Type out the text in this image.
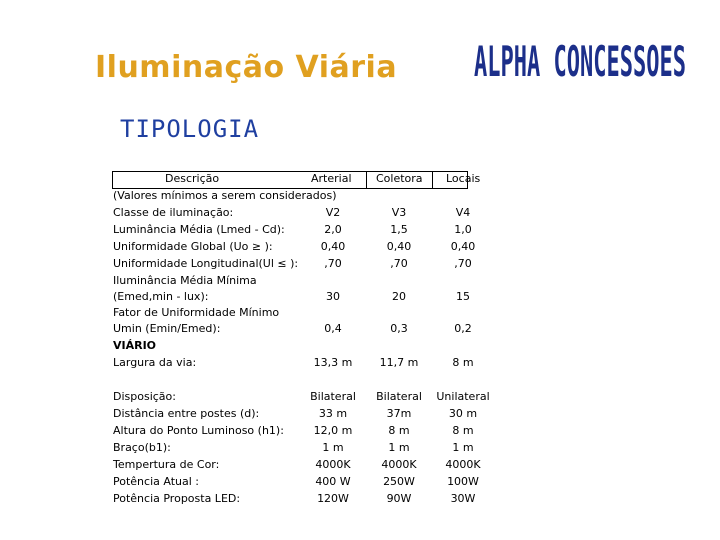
Iluminação Viária ALPHA CONCESSOES
TIPOLOGIA
Descrição	Arterial Coletora Locais
(Valores mínimos a serem considerados)
Classe de iluminação:	V2	V3	V4
Luminância Média (Lmed - Cd):	2,0	1,5	1,0
Uniformidade Global (Uo ≥ ):	0,40	0,40	0,40
Uniformidade Longitudinal(Ul ≤ ):	,70	,70	,70
Iluminância Média Mínima
(Emed,min - lux):	30	20	15
Fator de Uniformidade Mínimo
Umin (Emin/Emed):	0,4	0,3	0,2
VIÁRIO
Largura da via:	13,3 m	11,7 m	8 m
Disposição:	Bilateral	Bilateral	Unilateral
Distância entre postes (d):	33 m	37m	30 m
Altura do Ponto Luminoso (h1):	12,0 m	8 m	8 m
Braço(b1):	1 m	1 m	1 m
Tempertura de Cor:	4000K	4000K	4000K
Potência Atual :	400 W	250W	100W
Potência Proposta LED:	120W	90W	30W
